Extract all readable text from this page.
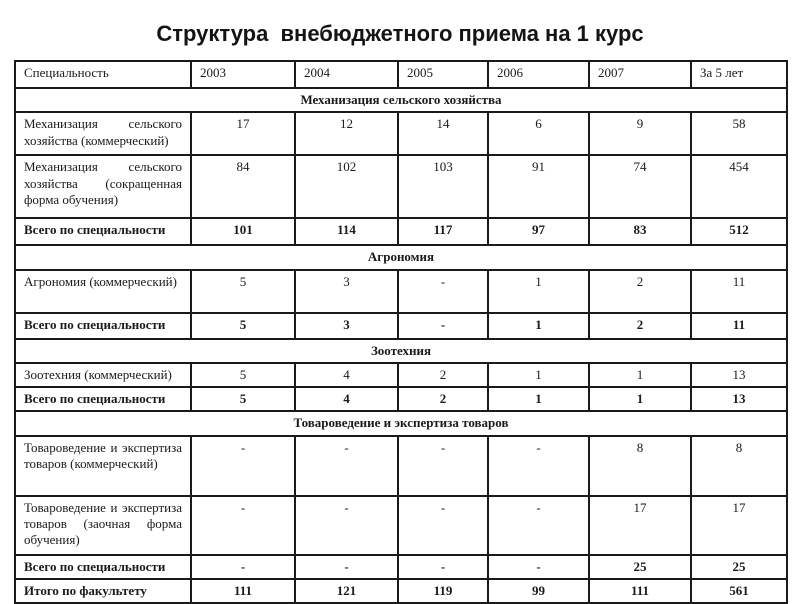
Структура  внебюджетного приема на 1 курс
Специальность	2003	2004	2005	2006	2007	За 5 лет
Механизация сельского хозяйства						
Механизация сельского хозяйства (коммерческий)	17	12	14	6	9	58
Механизация сельского хозяйства (сокращенная форма обучения)	84	102	103	91	74	454
Всего по специальности	101	114	117	97	83	512
Агрономия						
Агрономия (коммерческий)	5	3	-	1	2	11
Всего по специальности	5	3	-	1	2	11
Зоотехния						
Зоотехния (коммерческий)	5	4	2	1	1	13
Всего по специальности	5	4	2	1	1	13
Товароведение и экспертиза товаров						
Товароведение и экспертиза товаров (коммерческий)	-	-	-	-	8	8
Товароведение и экспертиза товаров (заочная форма обучения)	-	-	-	-	17	17
Всего по специальности	-	-	-	-	25	25
Итого по факультету	111	121	119	99	111	561
